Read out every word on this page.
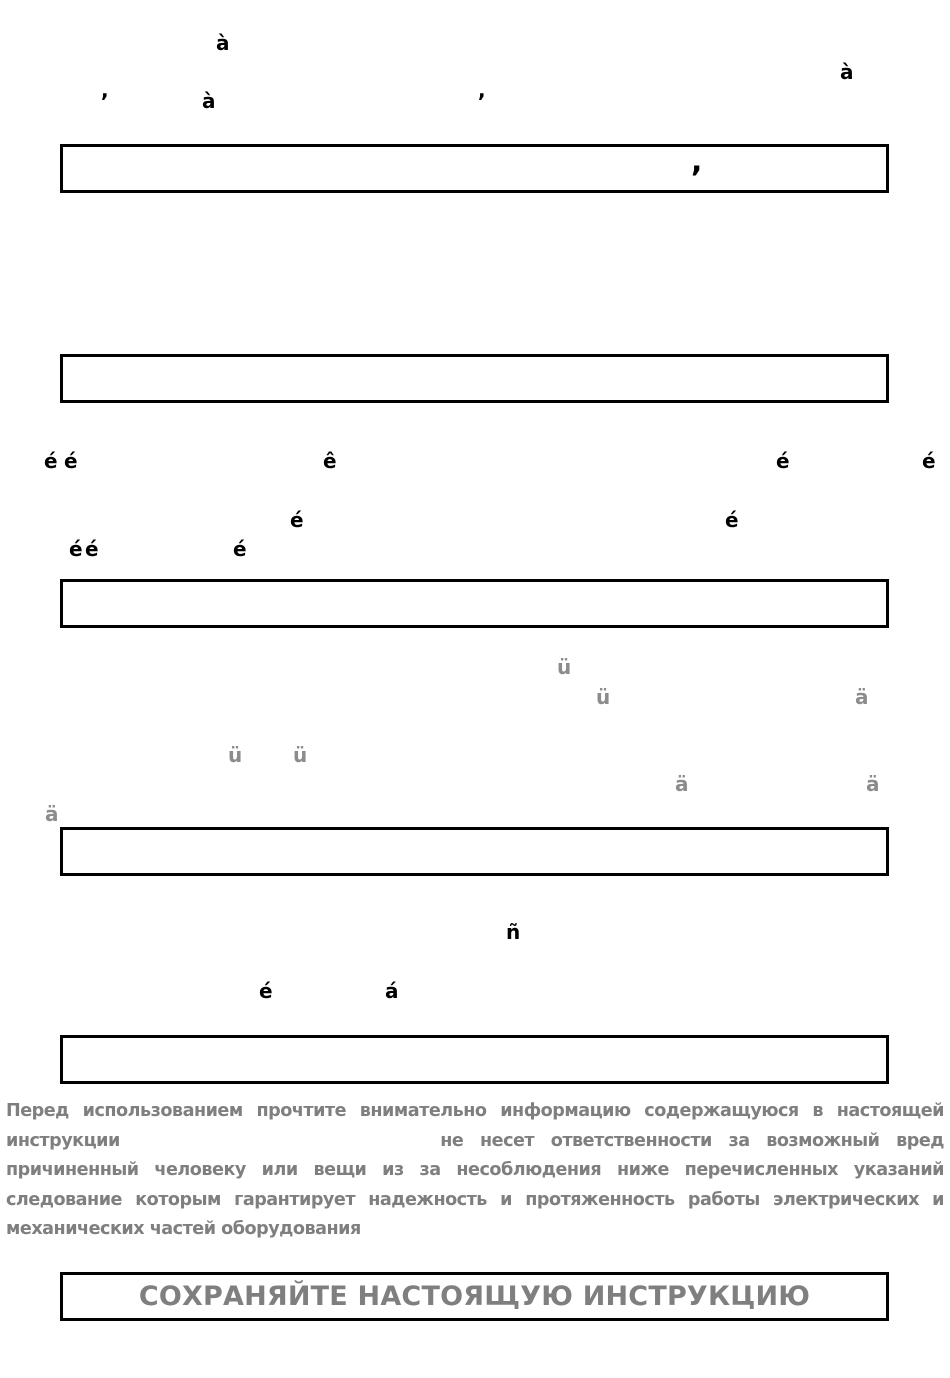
à
à
,	à	,
,
é é	ê	é	é
é	é
é é	é
ü
ü	ä
ü	ü
ä	ä
ä
ñ
é	á
Перед использованием прочтите внимательно информацию содержащуюся в настоящей
инструкции	не несет ответственности за возможный вред
причиненный человеку или вещи из за несоблюдения ниже перечисленных указаний
следование которым гарантирует надежность и протяженность работы электрических и
механических частей оборудования
СОХРАНЯЙТЕ НАСТОЯЩУЮ ИНСТРУКЦИЮ
